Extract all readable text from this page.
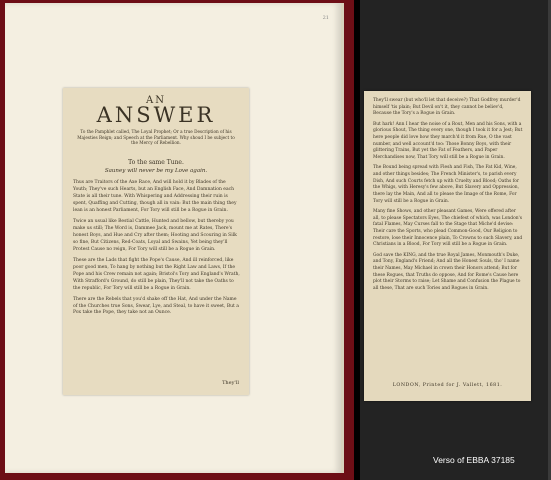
21
AN
ANSWER
To the Pamphlet called, The Loyal Prophet; Or a true Description of his Majesties Reign; and Speech at the Parliament. Why shoud I be subject to the Mercy of Rebellion.
To the same Tune.
Sauney will never be my Love again.
Thus are Traitors of the Axe Race, And will hold it by Blades of the Youth; They've such Hearts, but an English Face, And Damnation each State is all their tune. With Whispering and Addressing their ruin is spent, Quaffing and Cutting, though all in vain: But the main thing they lean is an honest Parliament, For Tory will still be a Rogue in Grain.
Twice an usual like Bestial Cattle, Hunted and bellow, but thereby you make us still; The Word is, Dammee Jack, mount me at Rates, There's honest Boys, and Hue and Cry after them; Hooting and Scouring in Silk so fine, But Citizens, Red-Coats, Loyal and Swains, Yet being they'll Protest Cause no reign, For Tory will still be a Rogue in Grain.
These are the Lads that fight the Pope's Cause, And ill reinforced, like poor good men, To hang by nothing but the Right Law and Laws, If the Pope and his Crew remain not again; Bristol's Tory and England's Wrath, With Strafford's Ground, do still be plain, They'll not take the Oaths to the republic, For Tory will still be a Rogue in Grain.
There are the Rebels that you'd shake off the Hat, And under the Name of the Churches true Sons, Swear, Lye, and Steal, to have it sweet, But a Pox take the Pope, they take not an Ounce.
They'll
They'll swear (but who'll let that deceive?) That Godfrey murder'd himself 'tis plain; But Devil on't it, they cannot be believ'd, Because the Tory's a Rogue in Grain.
But hark! Ann I hear the noise of a Rout, Men and his Sons, with a glorious Shout, The thing every one, though I took it for a Jest; But here people did love how they march'd it from Rue, O the vast number, and well account'd too: Those Bonny Boys, with their glittering Trains, But yet the Fat of Feathers, and Paper Merchandises now, That Tory will still be a Rogue in Grain.
The Bound being spread with Flesh and Fish, The Fat Kid, Wine, and other things besides; The French Minister's, to parish every Dish, And such Courts fetch up with Cruelty and Blood; Oaths for the Whigs, with Heresy's few above, But Slavery and Oppression, there lay the Main, And all to please the Image of the Rome, For Tory will still be a Rogue in Grain.
Many fine Shows, and other pleasant Games, Were offered after all, to please Spectators Eyes, The chiefest of which, was London's fatal Flames, May Curses fall to the Stage that Miche'd devise: Their care the Sports, who plead Common-Good, Our Religion to restore, lose their Innocence plain, To Crowns to such Slavery, and Christians in a Blood, For Tory will still be a Rogue in Grain.
God save the KING, and the true Royal James, Monmouth's Duke, and Tony, England's Friend; And all the Honest Souls, tho' I name their Names, May Michael in crown their Honors attend; But for these Rogues, that Truths do oppose, And for Rome's Cause here plot their Storms to raise; Let Shame and Confusion the Plague to all these, That are such Tories and Rogues in Grain.
LONDON, Printed for J. Vallett, 1681.
Verso of EBBA 37185
